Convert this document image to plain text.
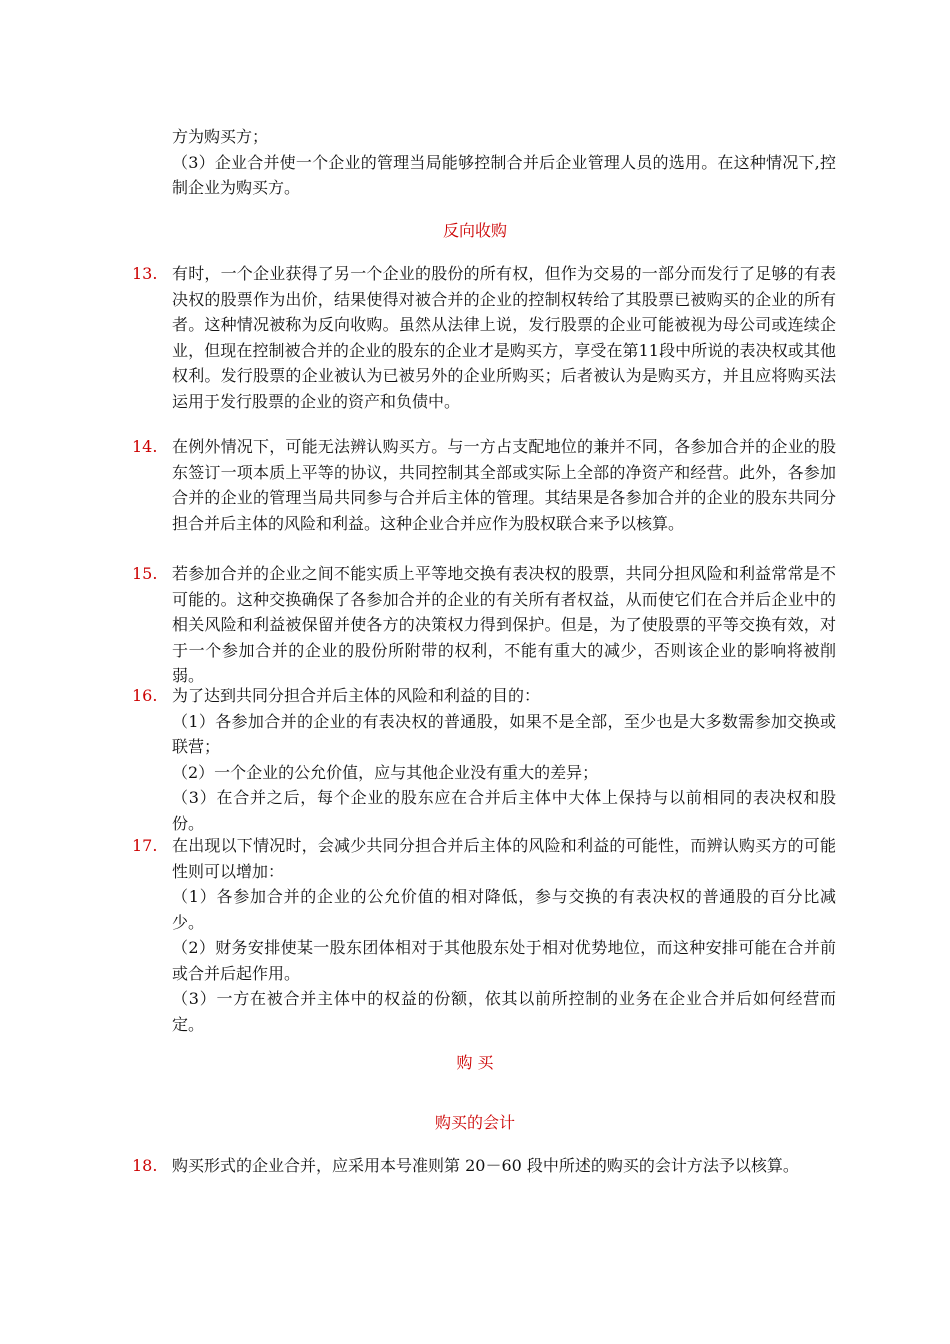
方为购买方；
（3）企业合并使一个企业的管理当局能够控制合并后企业管理人员的选用。在这种情况下,控制企业为购买方。
反向收购
13. 有时，一个企业获得了另一个企业的股份的所有权，但作为交易的一部分而发行了足够的有表决权的股票作为出价，结果使得对被合并的企业的控制权转给了其股票已被购买的企业的所有者。这种情况被称为反向收购。虽然从法律上说，发行股票的企业可能被视为母公司或连续企业，但现在控制被合并的企业的股东的企业才是购买方，享受在第11段中所说的表决权或其他权利。发行股票的企业被认为已被另外的企业所购买；后者被认为是购买方，并且应将购买法运用于发行股票的企业的资产和负债中。
14. 在例外情况下，可能无法辨认购买方。与一方占支配地位的兼并不同，各参加合并的企业的股东签订一项本质上平等的协议，共同控制其全部或实际上全部的净资产和经营。此外，各参加合并的企业的管理当局共同参与合并后主体的管理。其结果是各参加合并的企业的股东共同分担合并后主体的风险和利益。这种企业合并应作为股权联合来予以核算。
15. 若参加合并的企业之间不能实质上平等地交换有表决权的股票，共同分担风险和利益常常是不可能的。这种交换确保了各参加合并的企业的有关所有者权益，从而使它们在合并后企业中的相关风险和利益被保留并使各方的决策权力得到保护。但是，为了使股票的平等交换有效，对于一个参加合并的企业的股份所附带的权利，不能有重大的减少，否则该企业的影响将被削弱。
16. 为了达到共同分担合并后主体的风险和利益的目的：
（1）各参加合并的企业的有表决权的普通股，如果不是全部，至少也是大多数需参加交换或联营；
（2）一个企业的公允价值，应与其他企业没有重大的差异；
（3）在合并之后，每个企业的股东应在合并后主体中大体上保持与以前相同的表决权和股份。
17. 在出现以下情况时，会减少共同分担合并后主体的风险和利益的可能性，而辨认购买方的可能性则可以增加：
（1）各参加合并的企业的公允价值的相对降低，参与交换的有表决权的普通股的百分比减少。
（2）财务安排使某一股东团体相对于其他股东处于相对优势地位，而这种安排可能在合并前或合并后起作用。
（3）一方在被合并主体中的权益的份额，依其以前所控制的业务在企业合并后如何经营而定。
购 买
购买的会计
18. 购买形式的企业合并，应采用本号准则第 20－60 段中所述的购买的会计方法予以核算。
